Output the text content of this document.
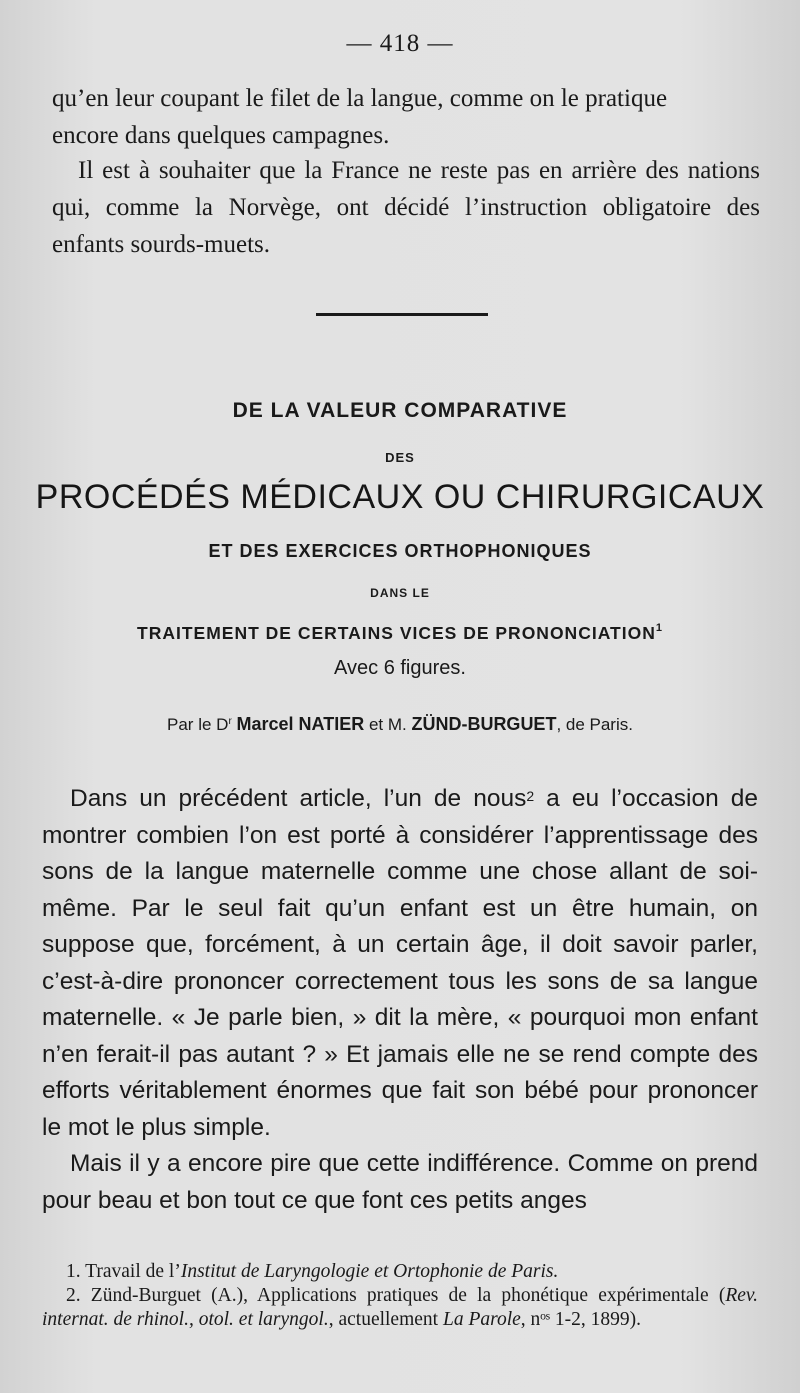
— 418 —
qu’en leur coupant le filet de la langue, comme on le pratique
encore dans quelques campagnes.
Il est à souhaiter que la France ne reste pas en arrière des nations qui, comme la Norvège, ont décidé l’instruction obligatoire des enfants sourds-muets.
DE LA VALEUR COMPARATIVE
DES
PROCÉDÉS MÉDICAUX OU CHIRURGICAUX
ET DES EXERCICES ORTHOPHONIQUES
DANS LE
TRAITEMENT DE CERTAINS VICES DE PRONONCIATION$^1$
Avec 6 figures.
Par le $D^r$ Marcel NATIER et M. ZÜND-BURGUET, de Paris.

Dans un précédent article, l’un de nous$^2$ a eu l’occasion de montrer combien l’on est porté à considérer l’apprentissage des sons de la langue maternelle comme une chose allant de soi-même. Par le seul fait qu’un enfant est un être humain, on suppose que, forcément, à un certain âge, il doit savoir parler, c’est-à-dire prononcer correctement tous les sons de sa langue maternelle. « Je parle bien, » dit la mère, « pourquoi mon enfant n’en ferait-il pas autant ? » Et jamais elle ne se rend compte des efforts véritablement énormes que fait son bébé pour prononcer le mot le plus simple.

Mais il y a encore pire que cette indifférence. Comme on prend pour beau et bon tout ce que font ces petits anges

1. Travail de l’Institut de Laryngologie et Ortophonie de Paris.

2. Zünd-Burguet (A.), Applications pratiques de la phonétique expérimentale (Rev. internat. de rhinol., otol. et laryngol., actuellement La Parole, nᵒˢ 1-2, 1899).
